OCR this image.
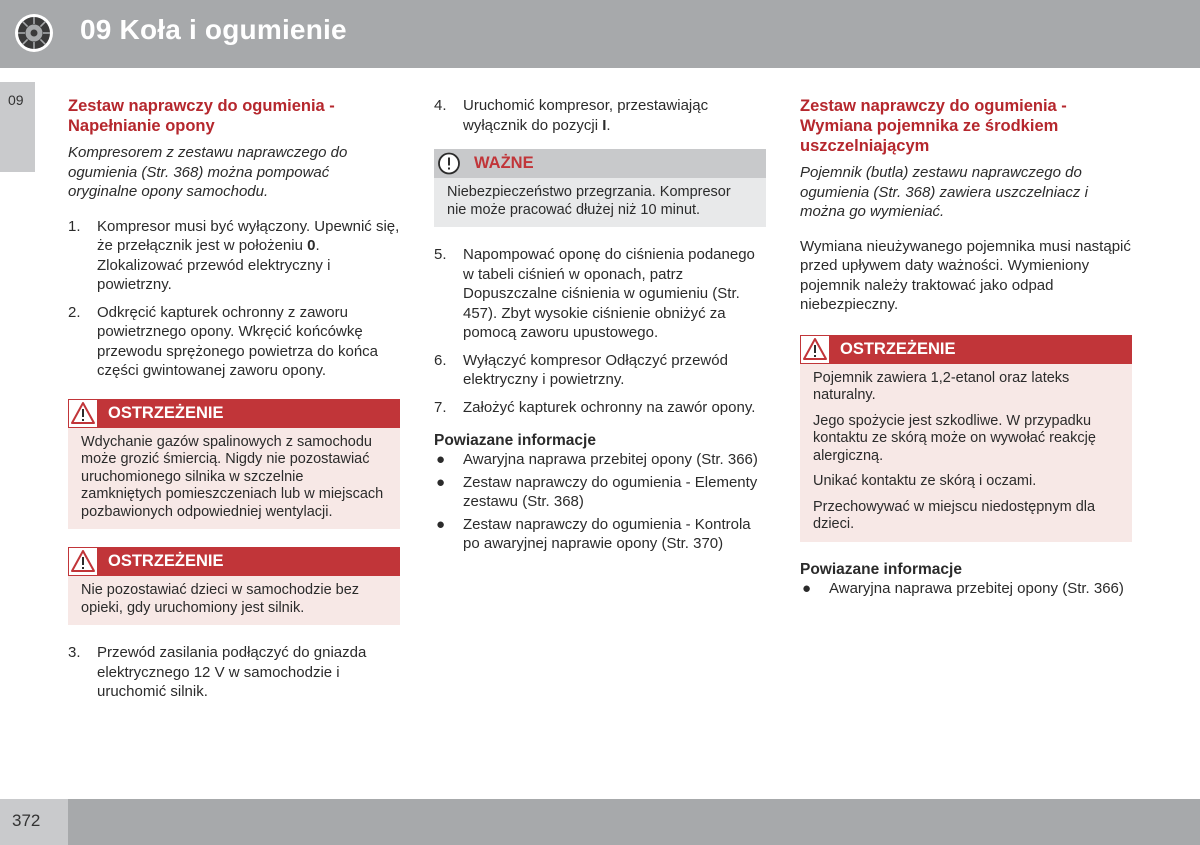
09 Koła i ogumienie
09	Zestaw naprawczy do ogumienia -
Napełnianie opony

Kompresorem z zestawu naprawczego do ogumienia (Str. 368) można pompować oryginalne opony samochodu.

1. Kompresor musi być wyłączony. Upewnić się, że przełącznik jest w położeniu 0. Zlokalizować przewód elektryczny i powietrzny.
2. Odkręcić kapturek ochronny z zaworu powietrznego opony. Wkręcić końcówkę przewodu sprężonego powietrza do końca części gwintowanej zaworu opony.
OSTRZEŻENIE

Wdychanie gazów spalinowych z samochodu może grozić śmiercią. Nigdy nie pozostawiać uruchomionego silnika w szczelnie zamkniętych pomieszczeniach lub w miejscach pozbawionych odpowiedniej wentylacji.

OSTRZEŻENIE

Nie pozostawiać dzieci w samochodzie bez opieki, gdy uruchomiony jest silnik.

3. Przewód zasilania podłączyć do gniazda elektrycznego 12 V w samochodzie i uruchomić silnik.
4. Uruchomić kompresor, przestawiając wyłącznik do pozycji I.
WAŻNE

Niebezpieczeństwo przegrzania. Kompresor nie może pracować dłużej niż 10 minut.

5. Napompować oponę do ciśnienia podanego w tabeli ciśnień w oponach, patrz Dopuszczalne ciśnienia w ogumieniu (Str. 457). Zbyt wysokie ciśnienie obniżyć za pomocą zaworu upustowego.
6. Wyłączyć kompresor Odłączyć przewód elektryczny i powietrzny.
7. Założyć kapturek ochronny na zawór opony.
Powiazane informacje
● Awaryjna naprawa przebitej opony (Str. 366)
● Zestaw naprawczy do ogumienia - Elementy zestawu (Str. 368)
● Zestaw naprawczy do ogumienia - Kontrola po awaryjnej naprawie opony (Str. 370)
Zestaw naprawczy do ogumienia -
Wymiana pojemnika ze środkiem
uszczelniającym

Pojemnik (butla) zestawu naprawczego do ogumienia (Str. 368) zawiera uszczelniacz i można go wymieniać.

Wymiana nieużywanego pojemnika musi nastąpić przed upływem daty ważności. Wymieniony pojemnik należy traktować jako odpad niebezpieczny.

OSTRZEŻENIE

Pojemnik zawiera 1,2-etanol oraz lateks naturalny.

Jego spożycie jest szkodliwe. W przypadku kontaktu ze skórą może on wywołać reakcję alergiczną.

Unikać kontaktu ze skórą i oczami.

Przechowywać w miejscu niedostępnym dla dzieci.

Powiazane informacje
● Awaryjna naprawa przebitej opony (Str. 366)
372
